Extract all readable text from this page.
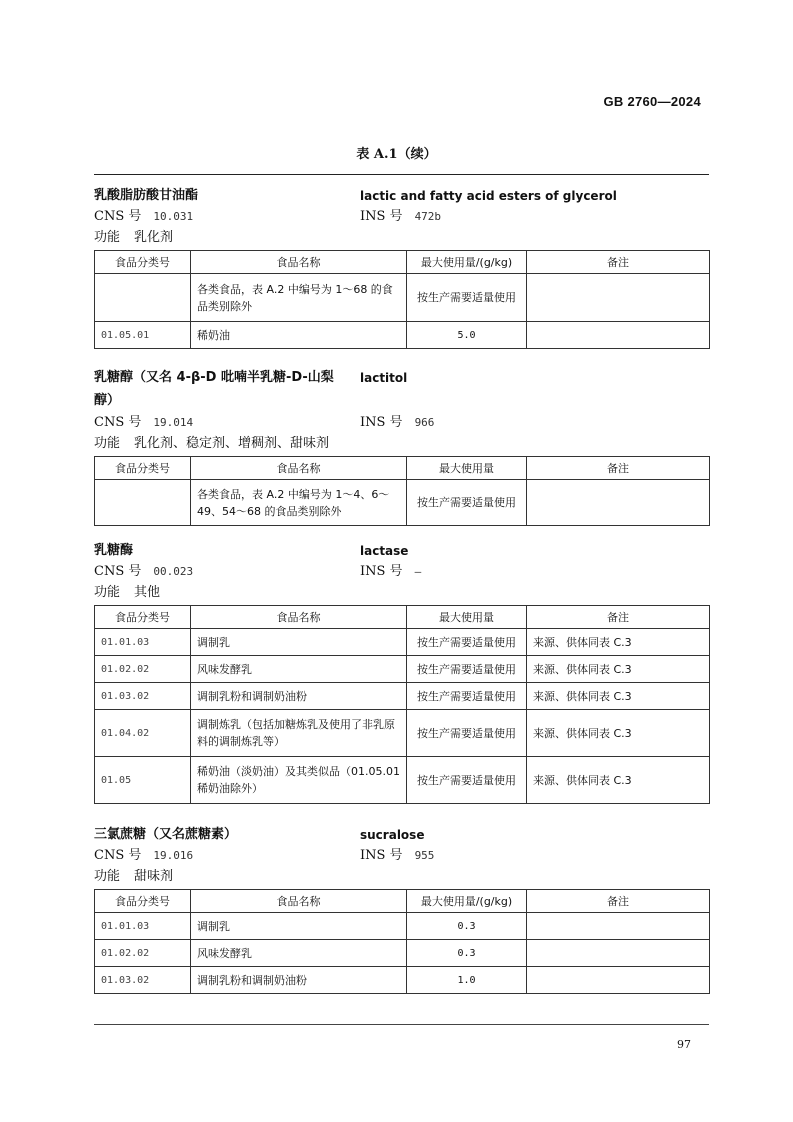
GB 2760—2024
表 A.1（续）
乳酸脂肪酸甘油酯	lactic and fatty acid esters of glycerol
CNS 号 10.031	INS 号 472b
功能 乳化剂
食品分类号	食品名称	最大使用量/(g/kg)	备注
	各类食品，表 A.2 中编号为 1～68 的食品类别除外	按生产需要适量使用	
01.05.01	稀奶油	5.0	
乳糖醇（又名 4-β-D 吡喃半乳糖-D-山梨醇）
lactitol
CNS 号 19.014	INS 号 966
功能 乳化剂、稳定剂、增稠剂、甜味剂
食品分类号	食品名称	最大使用量	备注
	各类食品，表 A.2 中编号为 1～4、6～49、54～68 的食品类别除外	按生产需要适量使用	
乳糖酶	lactase
CNS 号 00.023	INS 号 —
功能 其他
食品分类号	食品名称	最大使用量	备注
01.01.03	调制乳	按生产需要适量使用	来源、供体同表 C.3
01.02.02	风味发酵乳	按生产需要适量使用	来源、供体同表 C.3
01.03.02	调制乳粉和调制奶油粉	按生产需要适量使用	来源、供体同表 C.3
01.04.02	调制炼乳（包括加糖炼乳及使用了非乳原料的调制炼乳等）	按生产需要适量使用	来源、供体同表 C.3
01.05	稀奶油（淡奶油）及其类似品（01.05.01 稀奶油除外）	按生产需要适量使用	来源、供体同表 C.3
三氯蔗糖（又名蔗糖素）	sucralose
CNS 号 19.016	INS 号 955
功能 甜味剂
食品分类号	食品名称	最大使用量/(g/kg)	备注
01.01.03	调制乳	0.3	
01.02.02	风味发酵乳	0.3	
01.03.02	调制乳粉和调制奶油粉	1.0	
97
